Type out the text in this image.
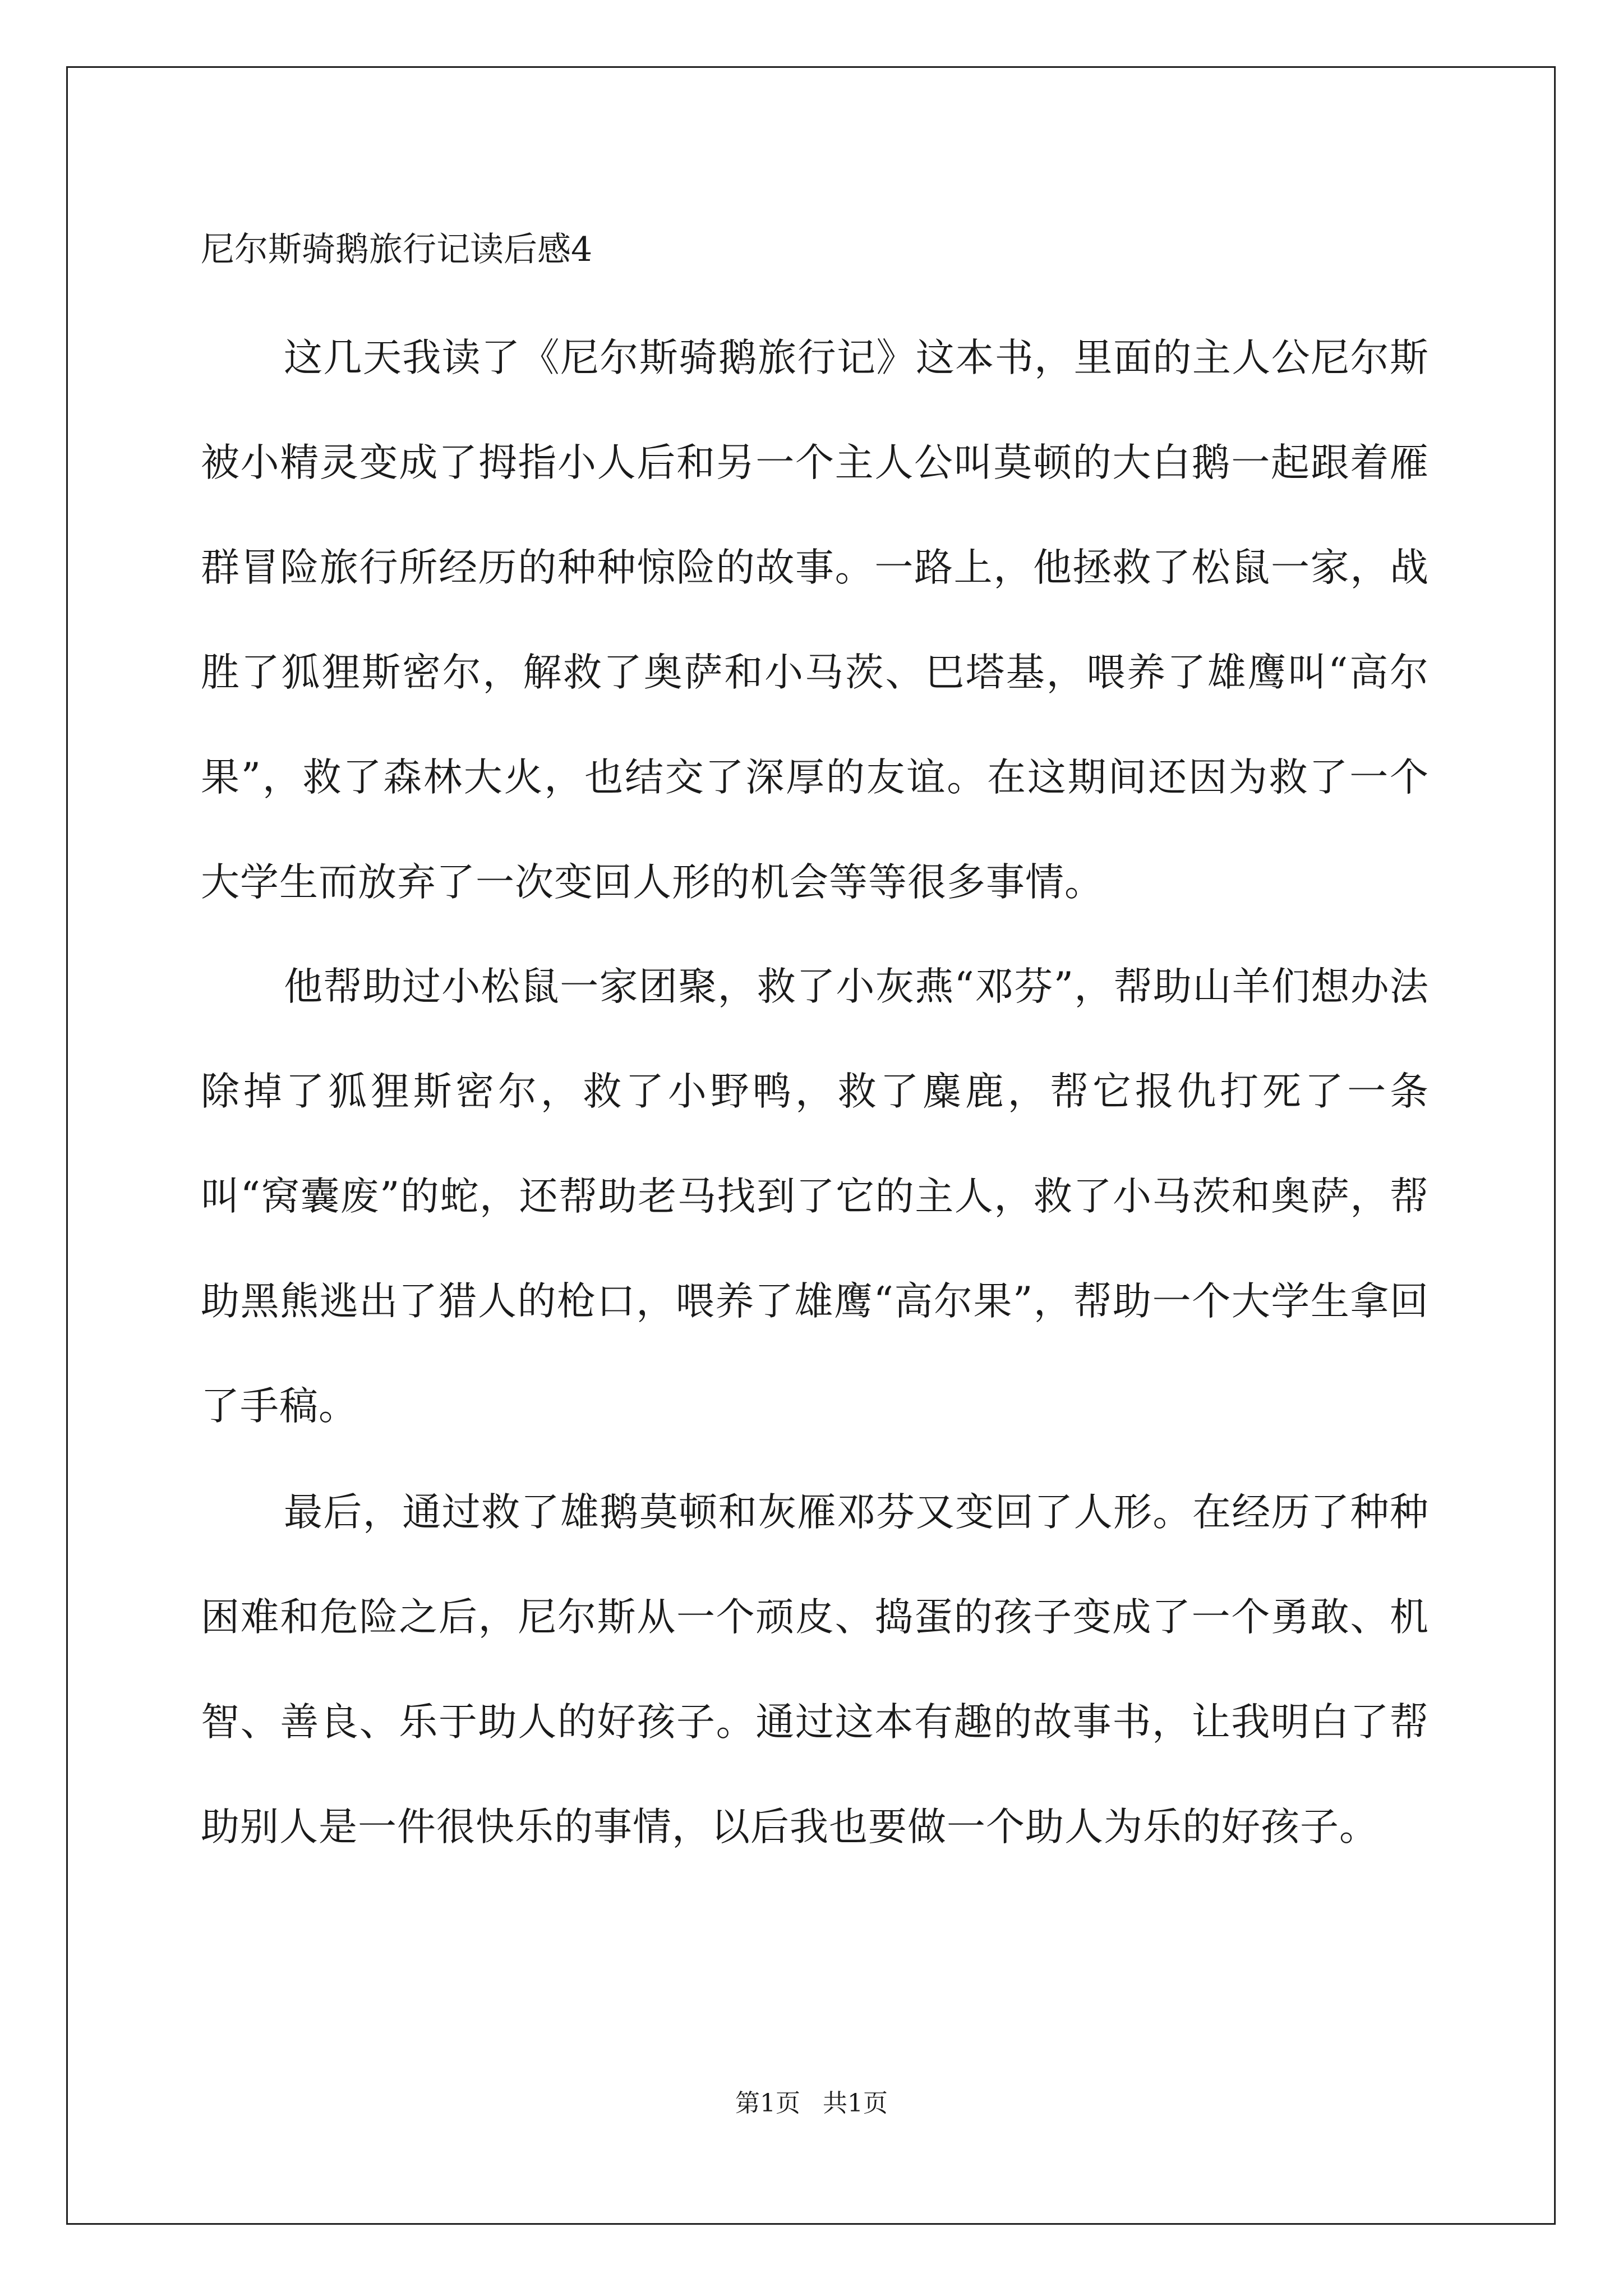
尼尔斯骑鹅旅行记读后感4

这几天我读了《尼尔斯骑鹅旅行记》这本书，里面的主人公尼尔斯被小精灵变成了拇指小人后和另一个主人公叫莫顿的大白鹅一起跟着雁群冒险旅行所经历的种种惊险的故事。一路上，他拯救了松鼠一家，战胜了狐狸斯密尔，解救了奥萨和小马茨、巴塔基，喂养了雄鹰叫“高尔果”，救了森林大火，也结交了深厚的友谊。在这期间还因为救了一个大学生而放弃了一次变回人形的机会等等很多事情。

他帮助过小松鼠一家团聚，救了小灰燕“邓芬”，帮助山羊们想办法除掉了狐狸斯密尔，救了小野鸭，救了麋鹿，帮它报仇打死了一条叫“窝囊废”的蛇，还帮助老马找到了它的主人，救了小马茨和奥萨，帮助黑熊逃出了猎人的枪口，喂养了雄鹰“高尔果”，帮助一个大学生拿回了手稿。

最后，通过救了雄鹅莫顿和灰雁邓芬又变回了人形。在经历了种种困难和危险之后，尼尔斯从一个顽皮、捣蛋的孩子变成了一个勇敢、机智、善良、乐于助人的好孩子。通过这本有趣的故事书，让我明白了帮助别人是一件很快乐的事情，以后我也要做一个助人为乐的好孩子。

第1页 共1页
